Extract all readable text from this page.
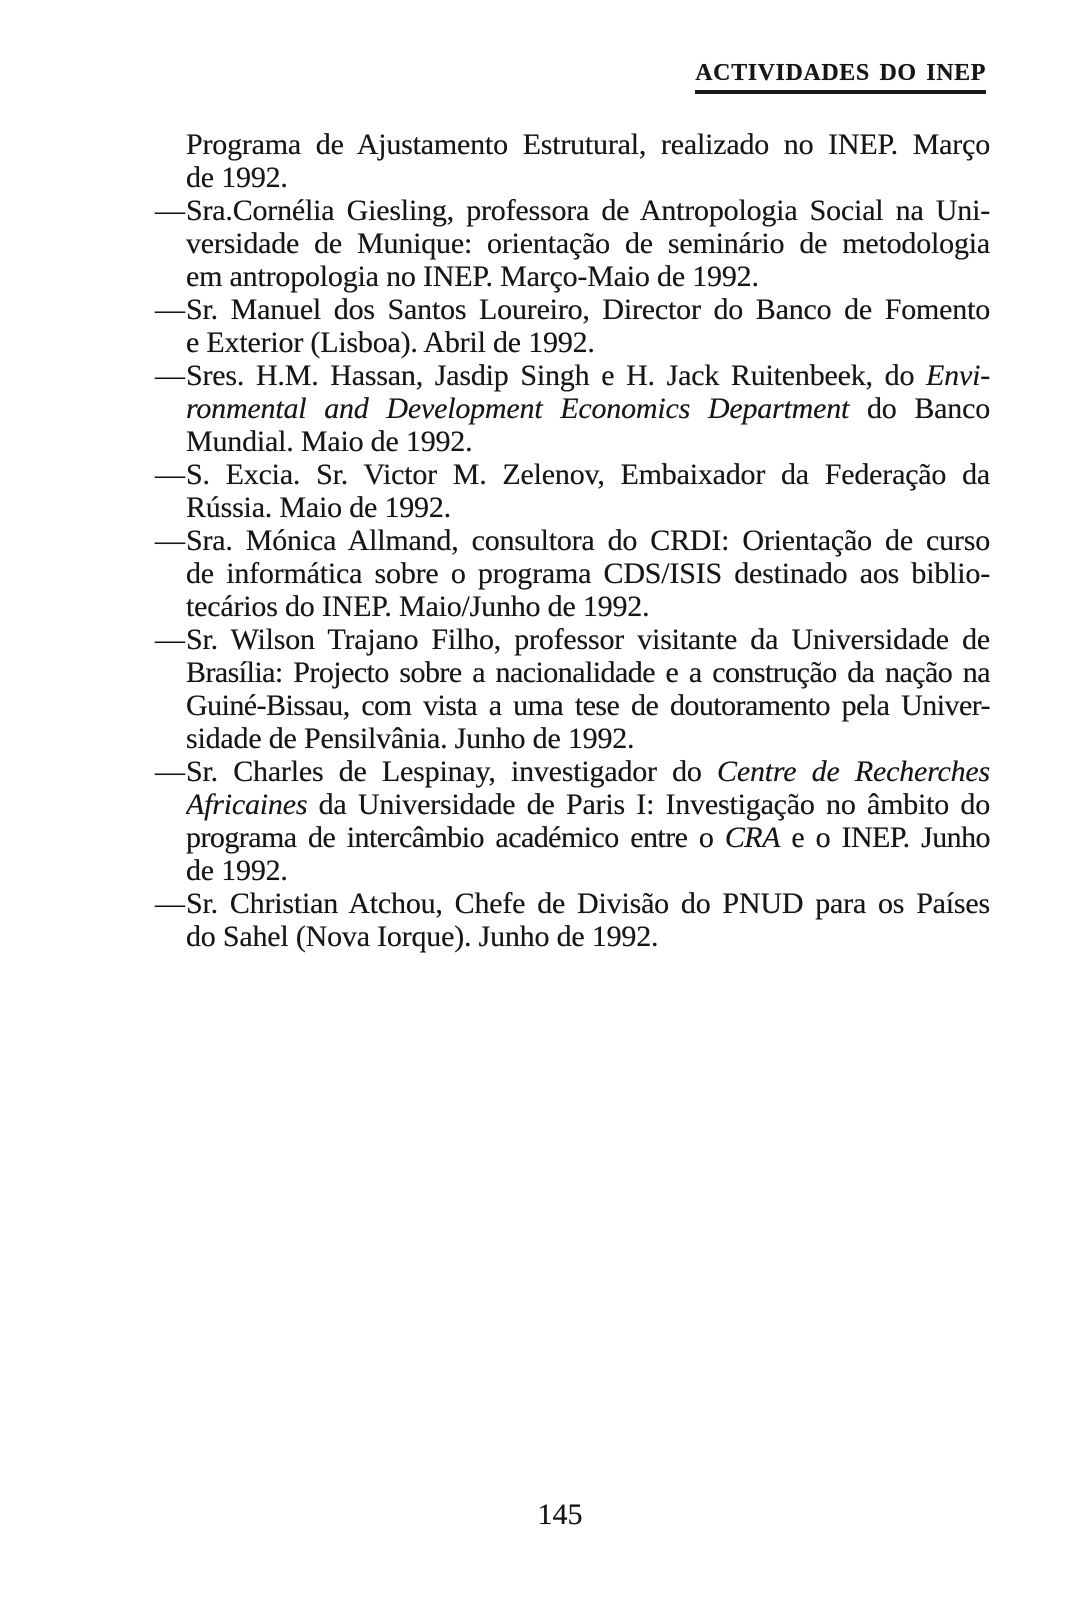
ACTIVIDADES DO INEP
Programa de Ajustamento Estrutural, realizado no INEP. Março
de 1992.
— Sra.Cornélia Giesling, professora de Antropologia Social na Uni-
versidade de Munique: orientação de seminário de metodologia
em antropologia no INEP. Março-Maio de 1992.
— Sr. Manuel dos Santos Loureiro, Director do Banco de Fomento
e Exterior (Lisboa). Abril de 1992.
— Sres. H.M. Hassan, Jasdip Singh e H. Jack Ruitenbeek, do Envi-
ronmental and Development Economics Department do Banco
Mundial. Maio de 1992.
— S. Excia. Sr. Victor M. Zelenov, Embaixador da Federação da
Rússia. Maio de 1992.
— Sra. Mónica Allmand, consultora do CRDI: Orientação de curso
de informática sobre o programa CDS/ISIS destinado aos biblio-
tecários do INEP. Maio/Junho de 1992.
— Sr. Wilson Trajano Filho, professor visitante da Universidade de
Brasília: Projecto sobre a nacionalidade e a construção da nação na
Guiné-Bissau, com vista a uma tese de doutoramento pela Univer-
sidade de Pensilvânia. Junho de 1992.
— Sr. Charles de Lespinay, investigador do Centre de Recherches
Africaines da Universidade de Paris I: Investigação no âmbito do
programa de intercâmbio académico entre o CRA e o INEP. Junho
de 1992.
— Sr. Christian Atchou, Chefe de Divisão do PNUD para os Países
do Sahel (Nova Iorque). Junho de 1992.
145
